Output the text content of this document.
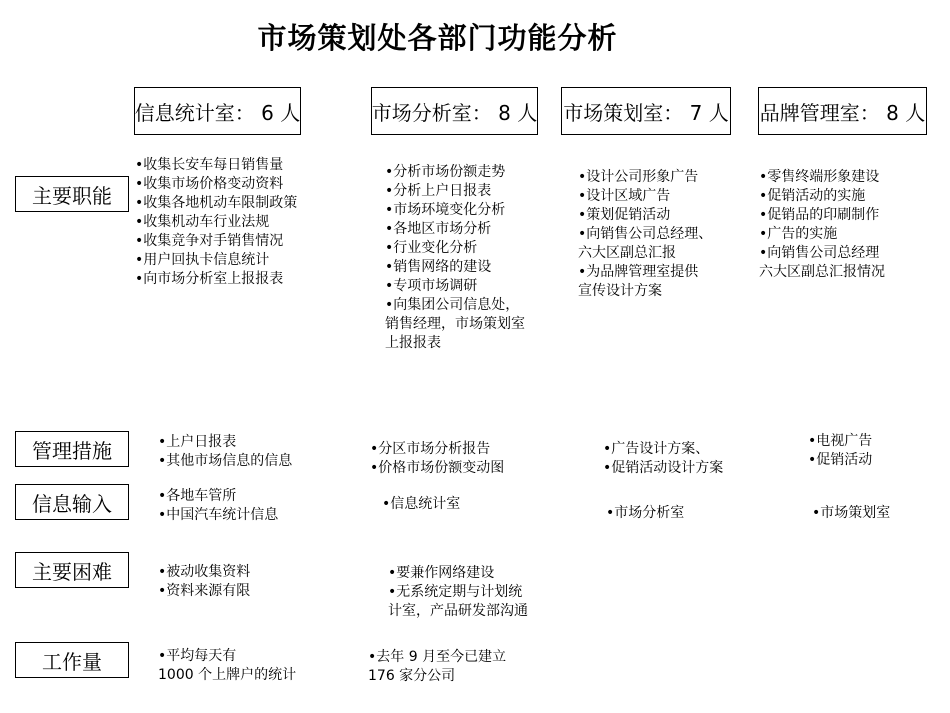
市场策划处各部门功能分析
信息统计室： 6 人	市场分析室： 8 人 市场策划室： 7 人 品牌管理室： 8 人
主要职能
管理措施
信息输入
主要困难
工作量
•收集长安车每日销售量
•收集市场价格变动资料
•收集各地机动车限制政策
•收集机动车行业法规
•收集竞争对手销售情况
•用户回执卡信息统计
•向市场分析室上报报表
•分析市场份额走势
•分析上户日报表
•市场环境变化分析
•各地区市场分析
•行业变化分析
•销售网络的建设
•专项市场调研
•向集团公司信息处，
销售经理，市场策划室
上报报表
•设计公司形象广告
•设计区域广告
•策划促销活动
•向销售公司总经理、
六大区副总汇报
•为品牌管理室提供
宣传设计方案
•零售终端形象建设
•促销活动的实施
•促销品的印刷制作
•广告的实施
•向销售公司总经理
六大区副总汇报情况
•上户日报表
•其他市场信息的信息
•分区市场分析报告
•价格市场份额变动图
•广告设计方案、
•促销活动设计方案
•电视广告
•促销活动
•各地车管所
•中国汽车统计信息
•信息统计室
•市场分析室	•市场策划室
•被动收集资料
•资料来源有限
•要兼作网络建设
•无系统定期与计划统
计室，产品研发部沟通
•平均每天有
1000 个上牌户的统计
•去年 9 月至今已建立
176 家分公司
